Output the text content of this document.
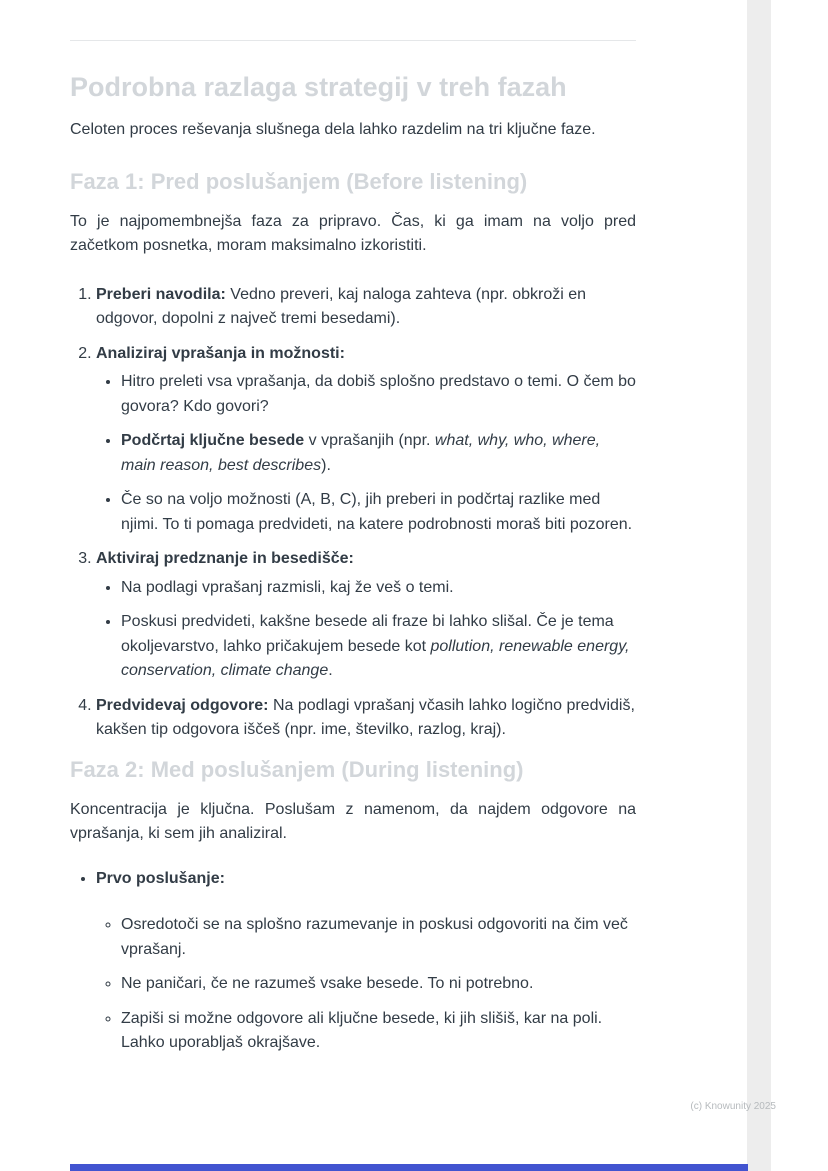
Podrobna razlaga strategij v treh fazah

Celoten proces reševanja slušnega dela lahko razdelim na tri ključne faze.

Faza 1: Pred poslušanjem (Before listening)

To je najpomembnejša faza za pripravo. Čas, ki ga imam na voljo pred začetkom posnetka, moram maksimalno izkoristiti.

1. Preberi navodila: Vedno preveri, kaj naloga zahteva (npr. obkroži en odgovor, dopolni z največ tremi besedami).
2. Analiziraj vprašanja in možnosti:
• Hitro preleti vsa vprašanja, da dobiš splošno predstavo o temi. O čem bo govora? Kdo govori?
• Podčrtaj ključne besede v vprašanjih (npr. what, why, who, where, main reason, best describes).
• Če so na voljo možnosti (A, B, C), jih preberi in podčrtaj razlike med njimi. To ti pomaga predvideti, na katere podrobnosti moraš biti pozoren.
3. Aktiviraj predznanje in besedišče:
• Na podlagi vprašanj razmisli, kaj že veš o temi.
• Poskusi predvideti, kakšne besede ali fraze bi lahko slišal. Če je tema okoljevarstvo, lahko pričakujem besede kot pollution, renewable energy, conservation, climate change.
4. Predvidevaj odgovore: Na podlagi vprašanj včasih lahko logično predvidiš, kakšen tip odgovora iščeš (npr. ime, številko, razlog, kraj).
Faza 2: Med poslušanjem (During listening)

Koncentracija je ključna. Poslušam z namenom, da najdem odgovore na vprašanja, ki sem jih analiziral.

• Prvo poslušanje:
◦ Osredotoči se na splošno razumevanje in poskusi odgovoriti na čim več vprašanj.
◦ Ne paničari, če ne razumeš vsake besede. To ni potrebno.
◦ Zapiši si možne odgovore ali ključne besede, ki jih slišiš, kar na poli. Lahko uporabljaš okrajšave.
(c) Knowunity 2025
